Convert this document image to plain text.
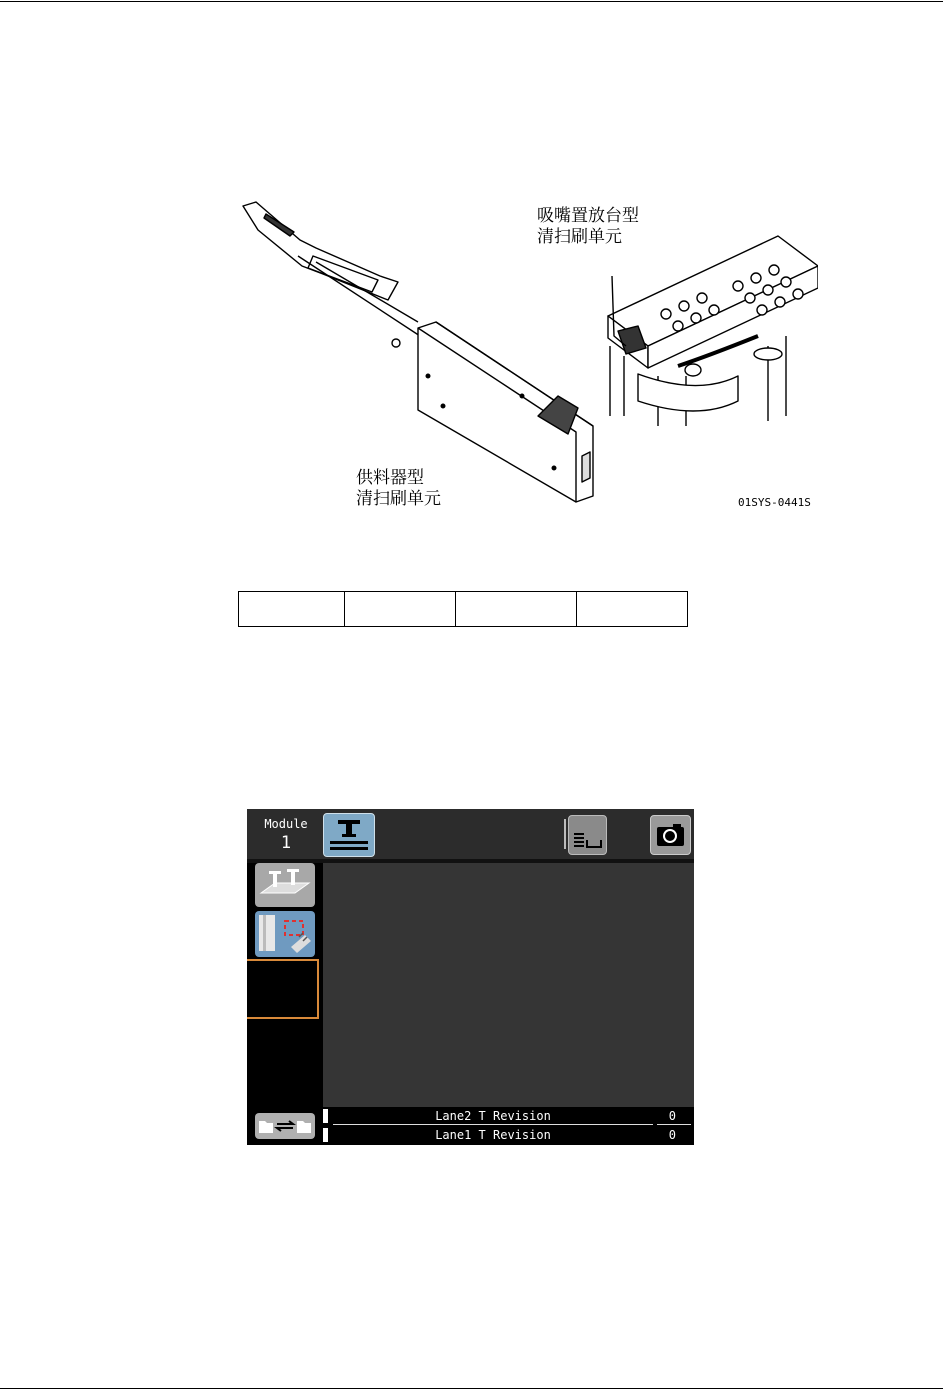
吸嘴置放台型
清扫刷单元
供料器型
清扫刷单元	01SYS-0441S

Module
1
Lane2 T Revision	0
Lane1 T Revision	0
